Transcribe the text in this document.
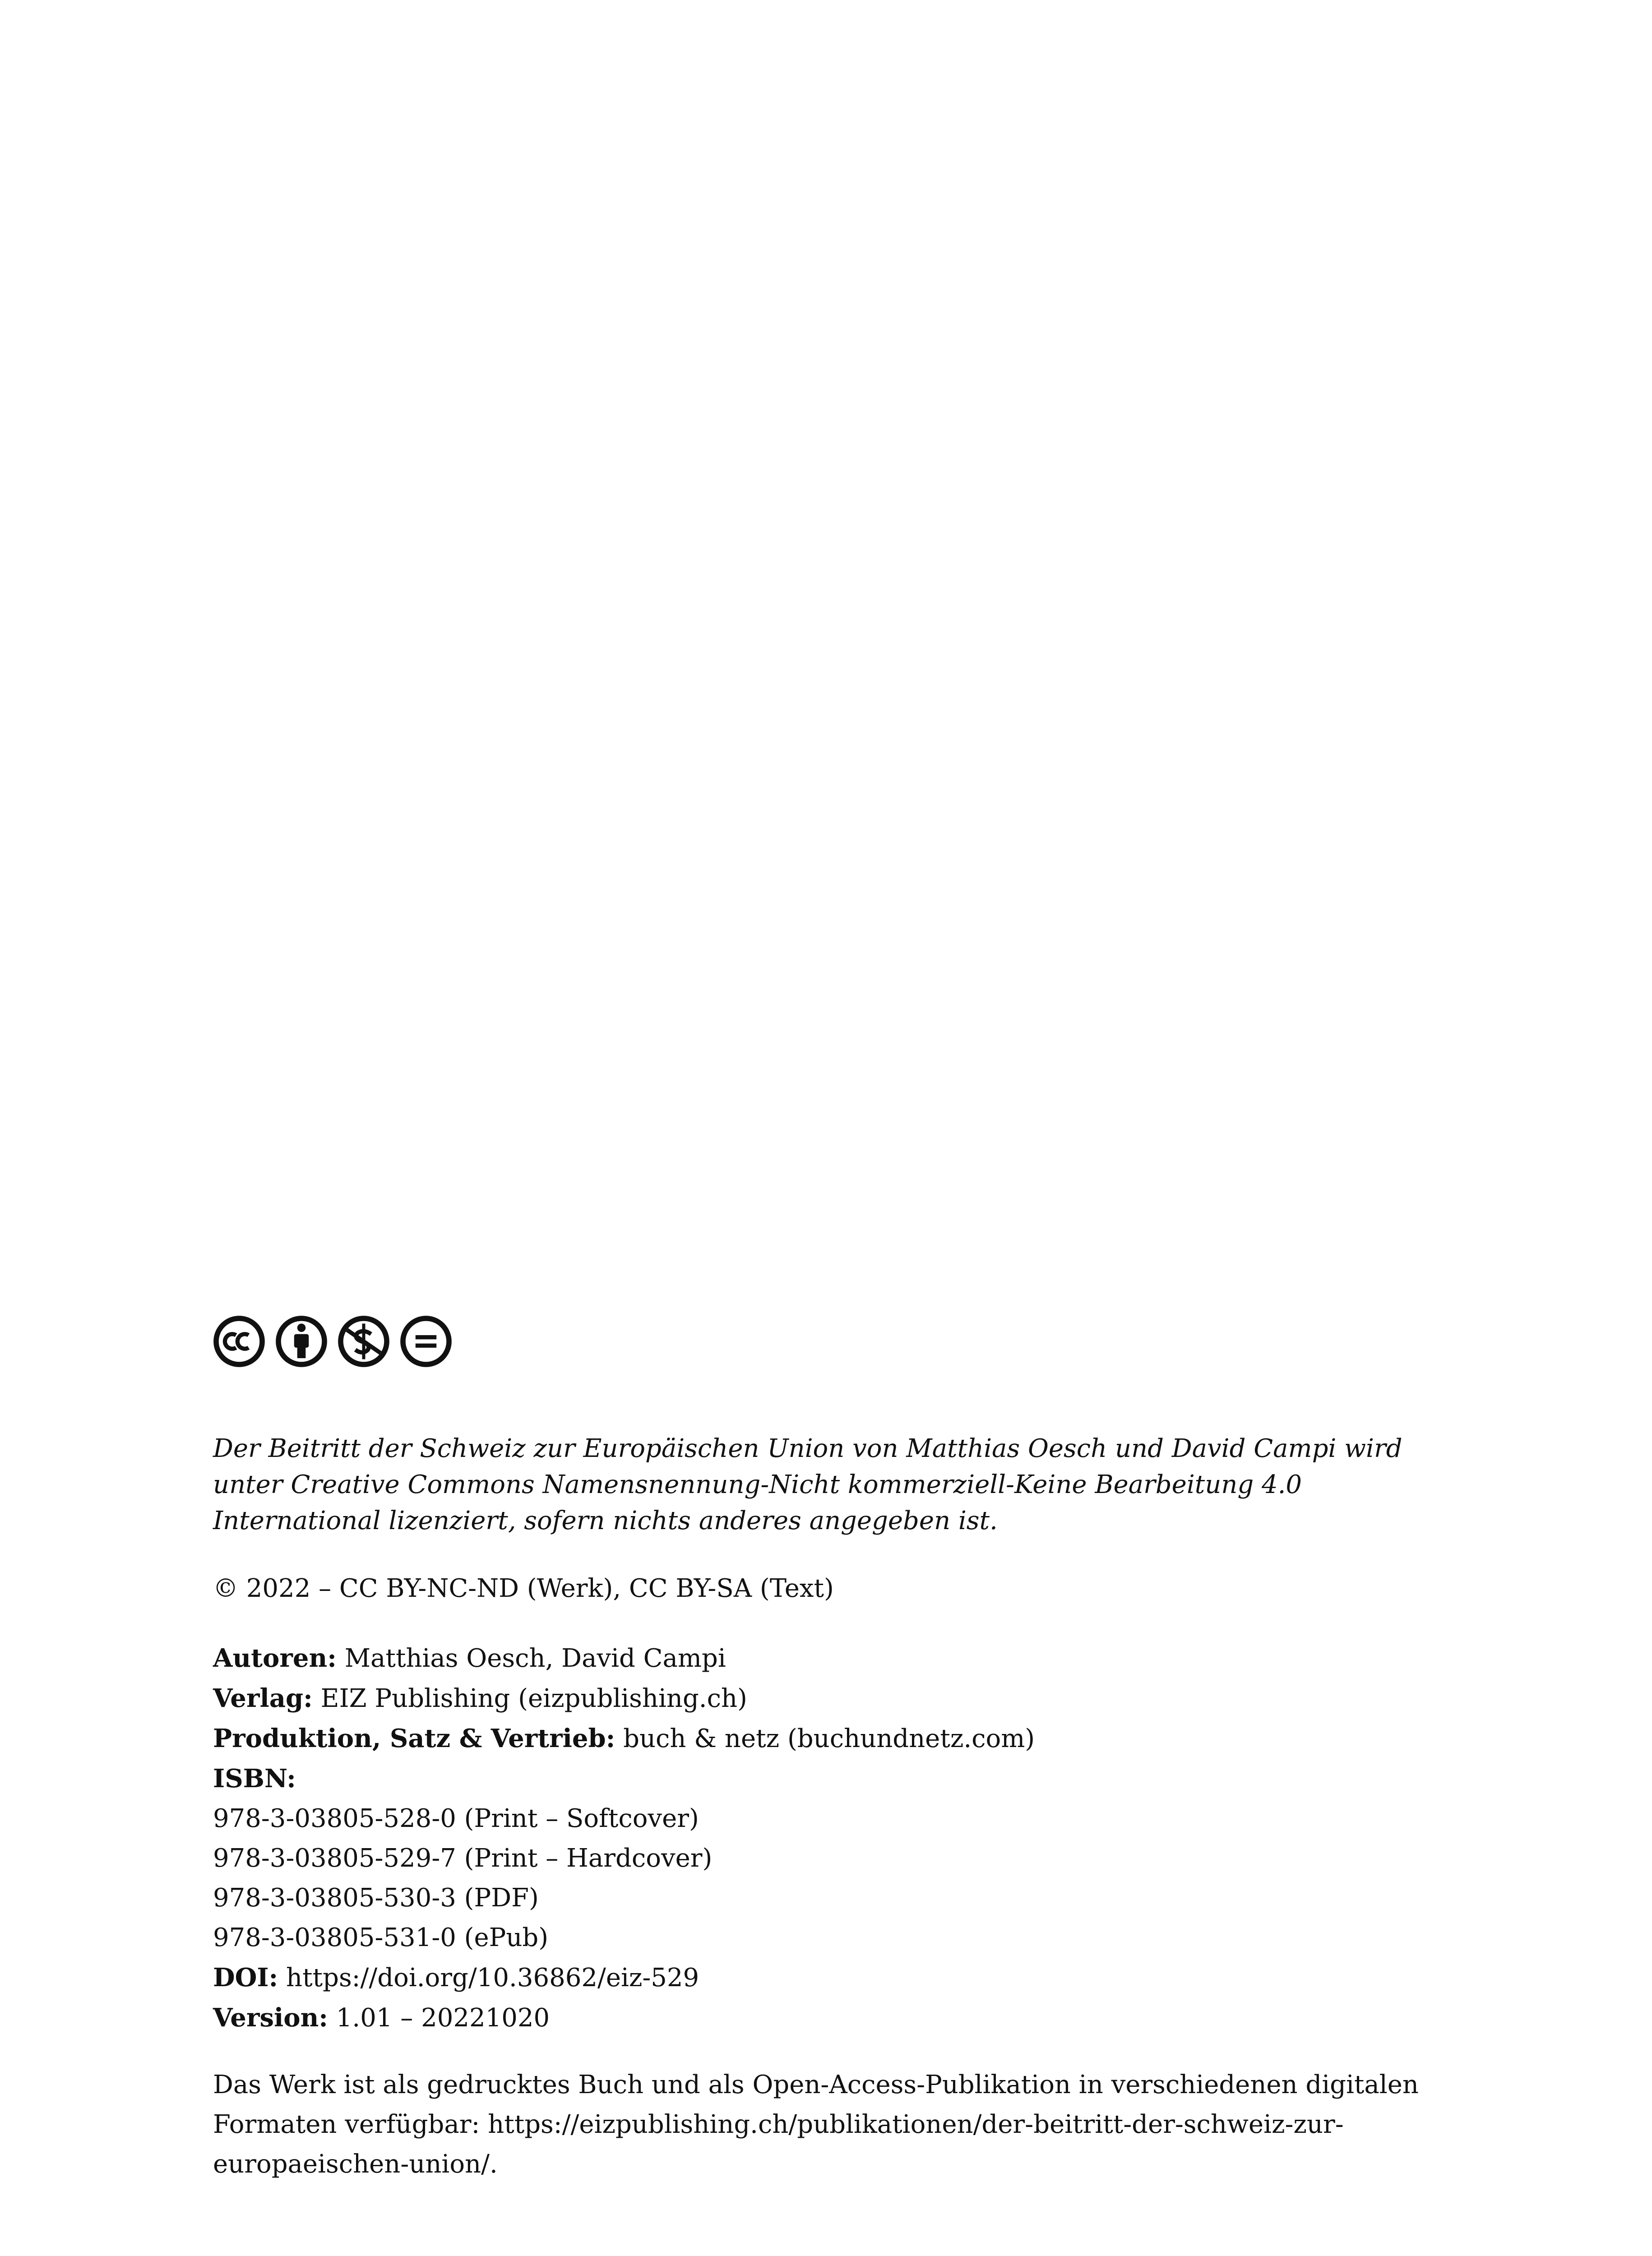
Der Beitritt der Schweiz zur Europäischen Union von Matthias Oesch und David Campi wird unter Creative Commons Namensnennung-Nicht kommerziell-Keine Bearbeitung 4.0 International lizenziert, sofern nichts anderes angegeben ist.

© 2022 – CC BY-NC-ND (Werk), CC BY-SA (Text)

Autoren: Matthias Oesch, David Campi
Verlag: EIZ Publishing (eizpublishing.ch)
Produktion, Satz & Vertrieb: buch & netz (buchundnetz.com)
ISBN:
978-3-03805-528-0 (Print – Softcover)
978-3-03805-529-7 (Print – Hardcover)
978-3-03805-530-3 (PDF)
978-3-03805-531-0 (ePub)
DOI: https://doi.org/10.36862/eiz-529
Version: 1.01 – 20221020

Das Werk ist als gedrucktes Buch und als Open-Access-Publikation in verschiedenen digitalen Formaten verfügbar: https://eizpublishing.ch/publikationen/der-beitritt-der-schweiz-zur-europaeischen-union/.
